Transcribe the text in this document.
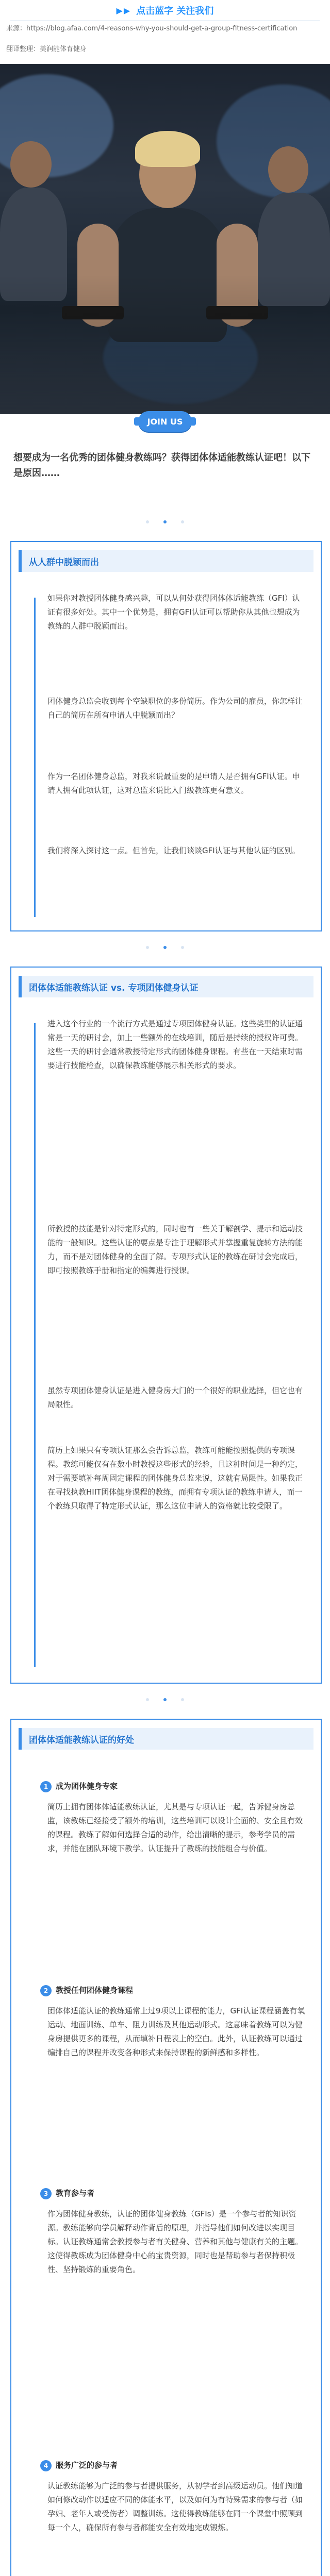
▶▶ 点击蓝字 关注我们
来源：https://blog.afaa.com/4-reasons-why-you-should-get-a-group-fitness-certification
翻译整理：美润能体育健身
JOIN US
想要成为一名优秀的团体健身教练吗？获得团体体适能教练认证吧！以下是原因……
从人群中脱颖而出
如果你对教授团体健身感兴趣，可以从何处获得团体体适能教练（GFI）认证有很多好处。其中一个优势是，拥有GFI认证可以帮助你从其他也想成为教练的人群中脱颖而出。
团体健身总监会收到每个空缺职位的多份简历。作为公司的雇员，你怎样让自己的简历在所有申请人中脱颖而出？
作为一名团体健身总监，对我来说最重要的是申请人是否拥有GFI认证。申请人拥有此项认证，这对总监来说比入门级教练更有意义。
我们将深入探讨这一点。但首先，让我们谈谈GFI认证与其他认证的区别。
团体体适能教练认证 vs. 专项团体健身认证
进入这个行业的一个流行方式是通过专项团体健身认证。这些类型的认证通常是一天的研讨会，加上一些额外的在线培训，随后是持续的授权许可费。这些一天的研讨会通常教授特定形式的团体健身课程。有些在一天结束时需要进行技能检查，以确保教练能够展示相关形式的要求。
所教授的技能是针对特定形式的，同时也有一些关于解剖学、提示和运动技能的一般知识。这些认证的要点是专注于理解形式并掌握重复旋转方法的能力，而不是对团体健身的全面了解。专项形式认证的教练在研讨会完成后，即可按照教练手册和指定的编舞进行授课。
虽然专项团体健身认证是进入健身房大门的一个很好的职业选择，但它也有局限性。
简历上如果只有专项认证那么会告诉总监，教练可能能按照提供的专项课程。教练可能仅有在数小时教授这些形式的经验，且这种时间是一种约定，对于需要填补每周固定课程的团体健身总监来说，这就有局限性。如果我正在寻找执教HIIT团体健身课程的教练，而拥有专项认证的教练申请人，而一个教练只取得了特定形式认证，那么这位申请人的资格就比较受限了。
团体体适能教练认证的好处
1 成为团体健身专家
简历上拥有团体体适能教练认证，尤其是与专项认证一起，告诉健身房总监，该教练已经接受了额外的培训，这些培训可以设计全面的、安全且有效的课程。教练了解如何选择合适的动作，给出清晰的提示，参考学员的需求，并能在团队环境下教学。认证提升了教练的技能组合与价值。
2 教授任何团体健身课程
团体体适能认证的教练通常上过9项以上课程的能力，GFI认证课程涵盖有氧运动、地面训练、单车、阻力训练及其他运动形式。这意味着教练可以为健身房提供更多的课程，从而填补日程表上的空白。此外，认证教练可以通过编排自己的课程并改变各种形式来保持课程的新鲜感和多样性。
3 教育参与者
作为团体健身教练，认证的团体健身教练（GFIs）是一个参与者的知识资源。教练能够向学员解释动作背后的原理，并指导他们如何改进以实现目标。认证教练通常会教授参与者有关健身、营养和其他与健康有关的主题。这使得教练成为团体健身中心的宝贵资源，同时也是帮助参与者保持积极性、坚持锻炼的重要角色。
4 服务广泛的参与者
认证教练能够为广泛的参与者提供服务，从初学者到高级运动员。他们知道如何修改动作以适应不同的体能水平，以及如何为有特殊需求的参与者（如孕妇、老年人或受伤者）调整训练。这使得教练能够在同一个课堂中照顾到每一个人，确保所有参与者都能安全有效地完成锻炼。
